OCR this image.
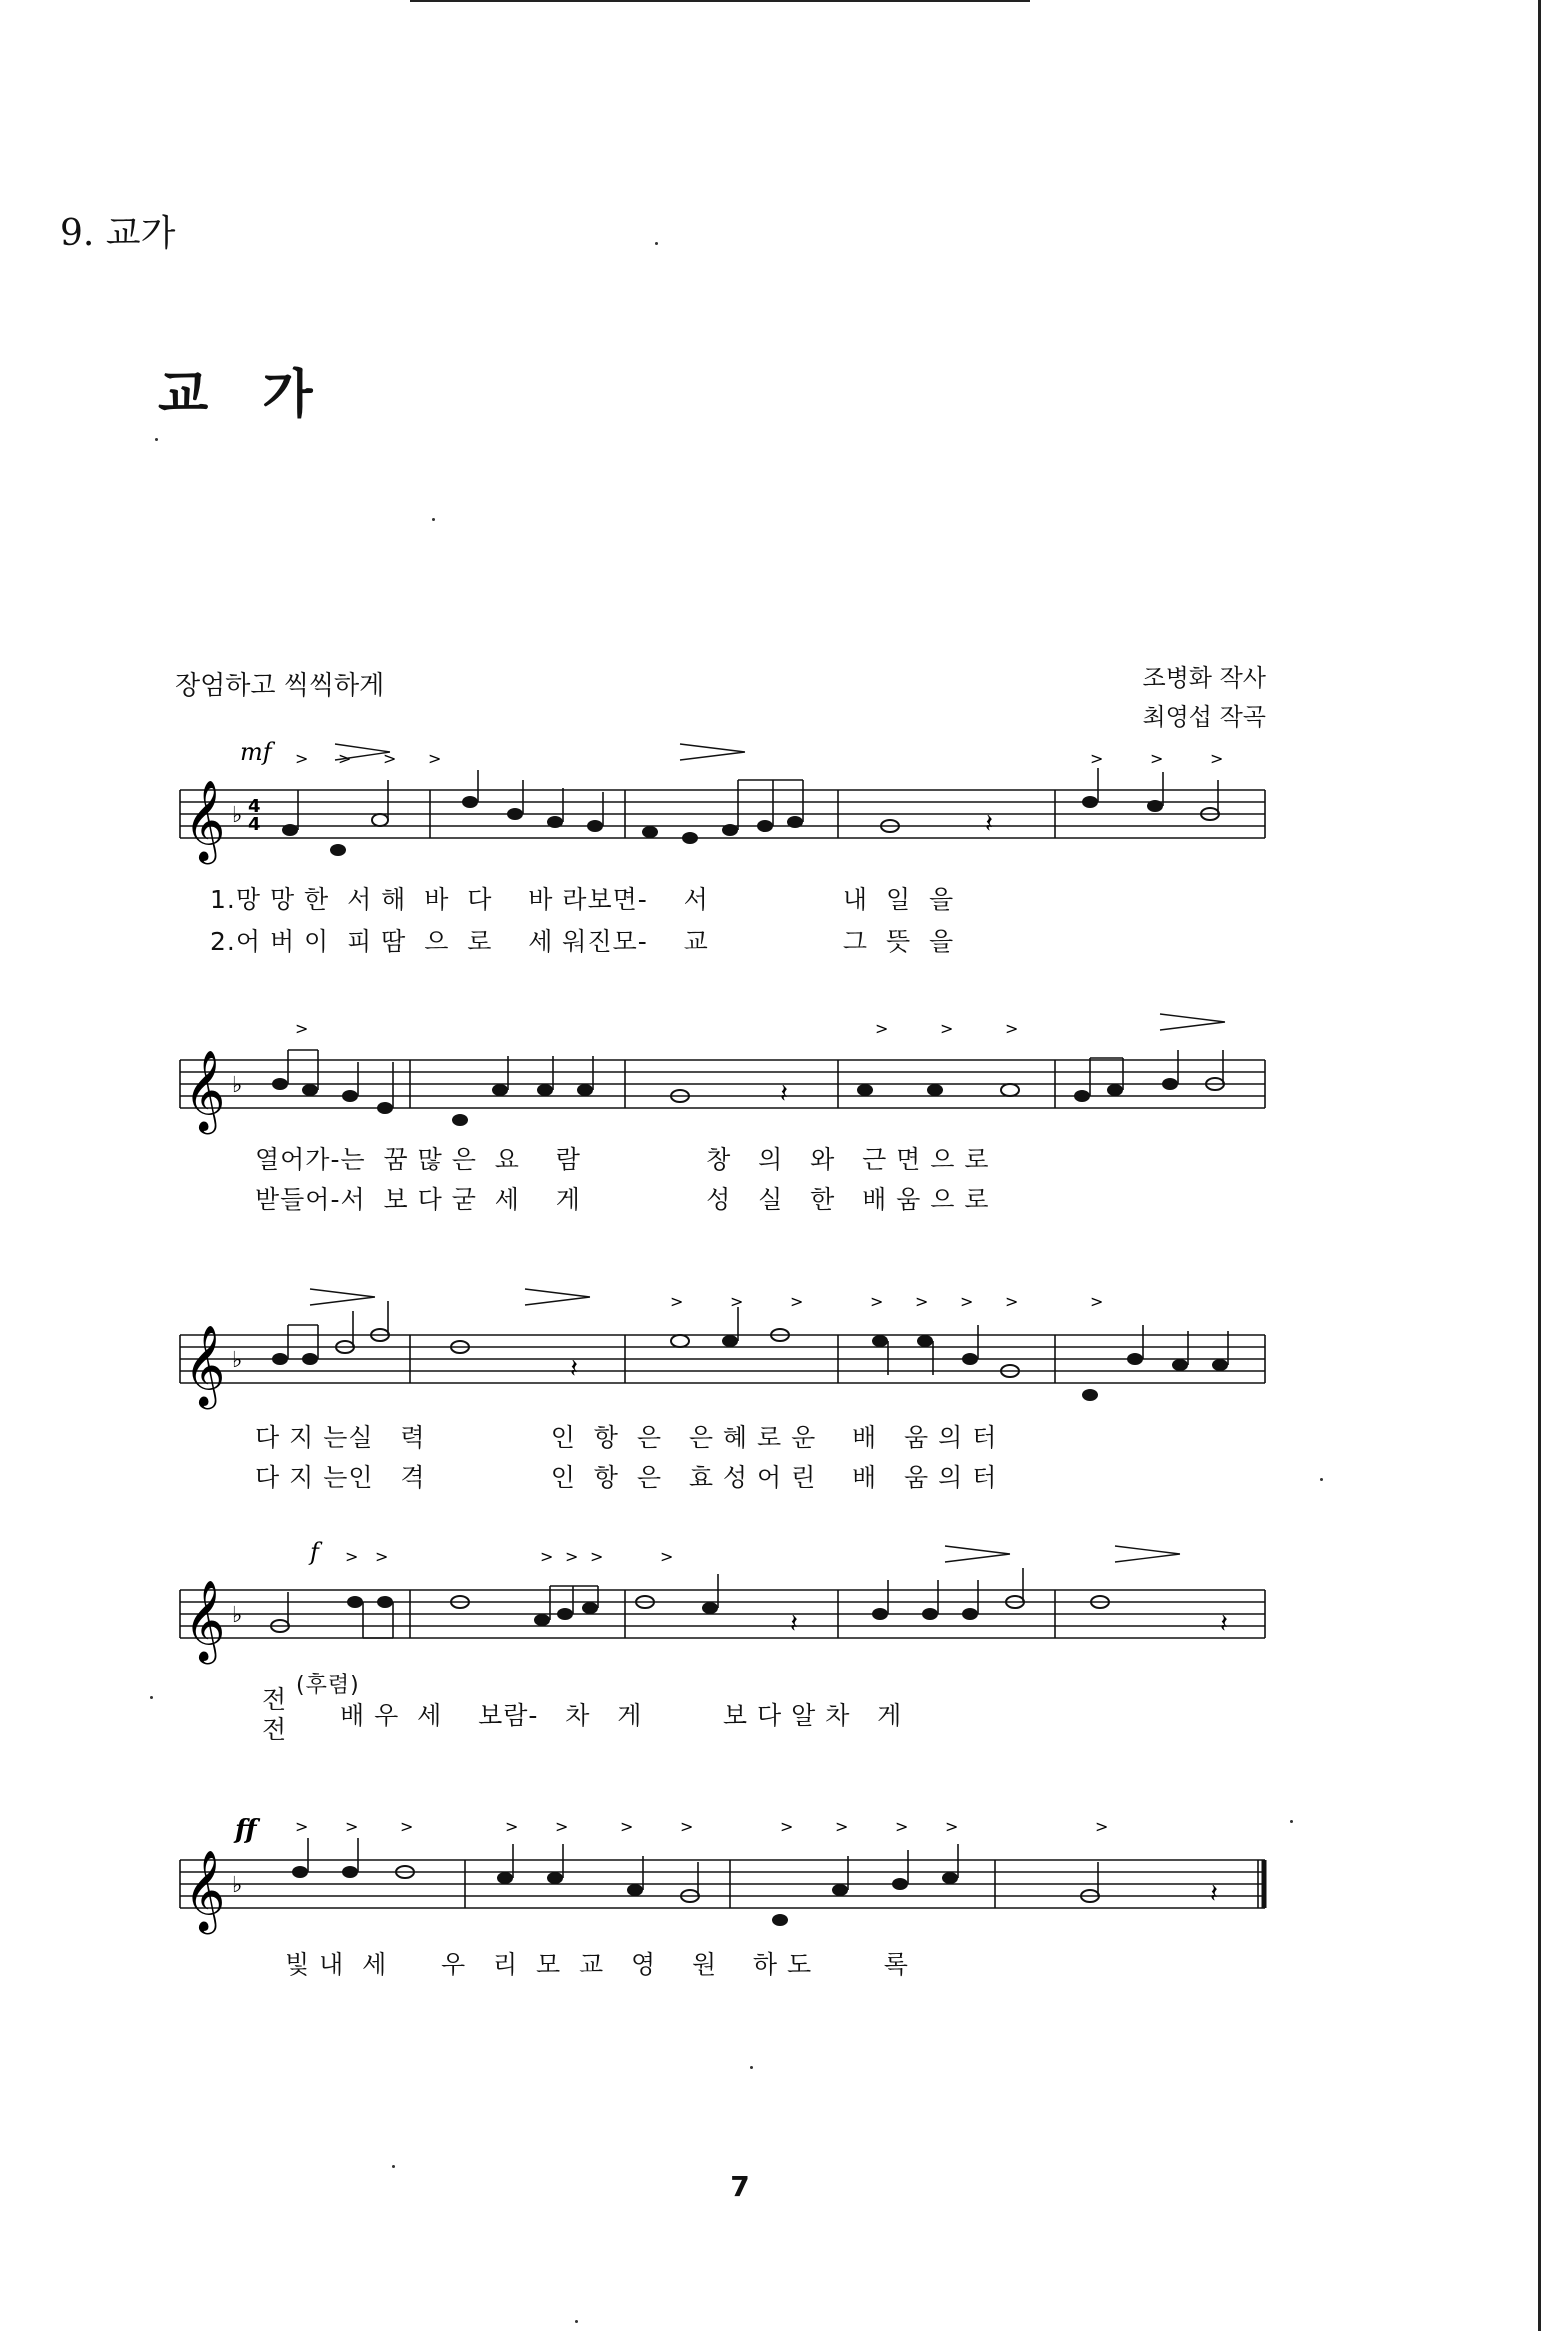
9. 교가
교 가
장엄하고 씩씩하게	조병화 작사
최영섭 작곡
𝄞 ♭ 4
4
mf
𝄽
> > > >	>	>	>
1.망 망 한  서 해  바  다    바 라보면-    서               내  일  을
2.어 버 이  피 땀  으  로    세 워진모-    교               그  뜻  을
𝄞 ♭	𝄽
>	>	>	>
열어가-는  꿈 많 은  요    람              창   의   와   근 면 으 로
받들어-서  보 다 굳  세    게              성   실   한   배 움 으 로
𝄞 ♭	𝄽
>	>	>	> > > >	>
다 지 는실   력              인  항  은   은 혜 로 운    배   움 의 터
다 지 는인   격              인  항  은   효 성 어 린    배   움 의 터
𝄞 ♭
f
𝄽	𝄽
> >	> > >	>
(후렴)
전
전 배 우  세    보람-   차   게         보 다 알 차   게
𝄞 ♭
ff
𝄽
> >	>	> >	>	>	>	>	> >	>
빛 내  세      우   리  모  교   영    원    하 도        록
7
